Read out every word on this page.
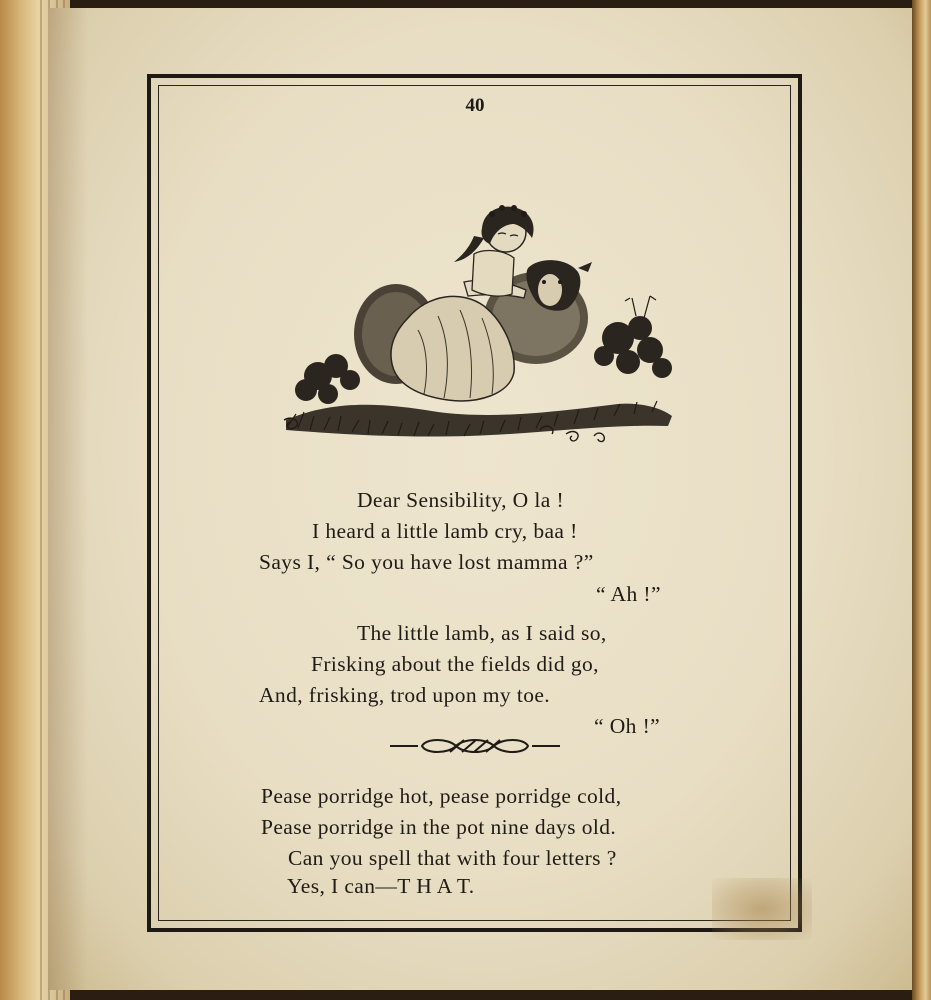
40
Dear Sensibility, O la !
I heard a little lamb cry, baa !
Says I, “ So you have lost mamma ?”
“ Ah !”
The little lamb, as I said so,
Frisking about the fields did go,
And, frisking, trod upon my toe.
“ Oh !”
Pease porridge hot, pease porridge cold,
Pease porridge in the pot nine days old.
Can you spell that with four letters ?
Yes, I can—T H A T.
